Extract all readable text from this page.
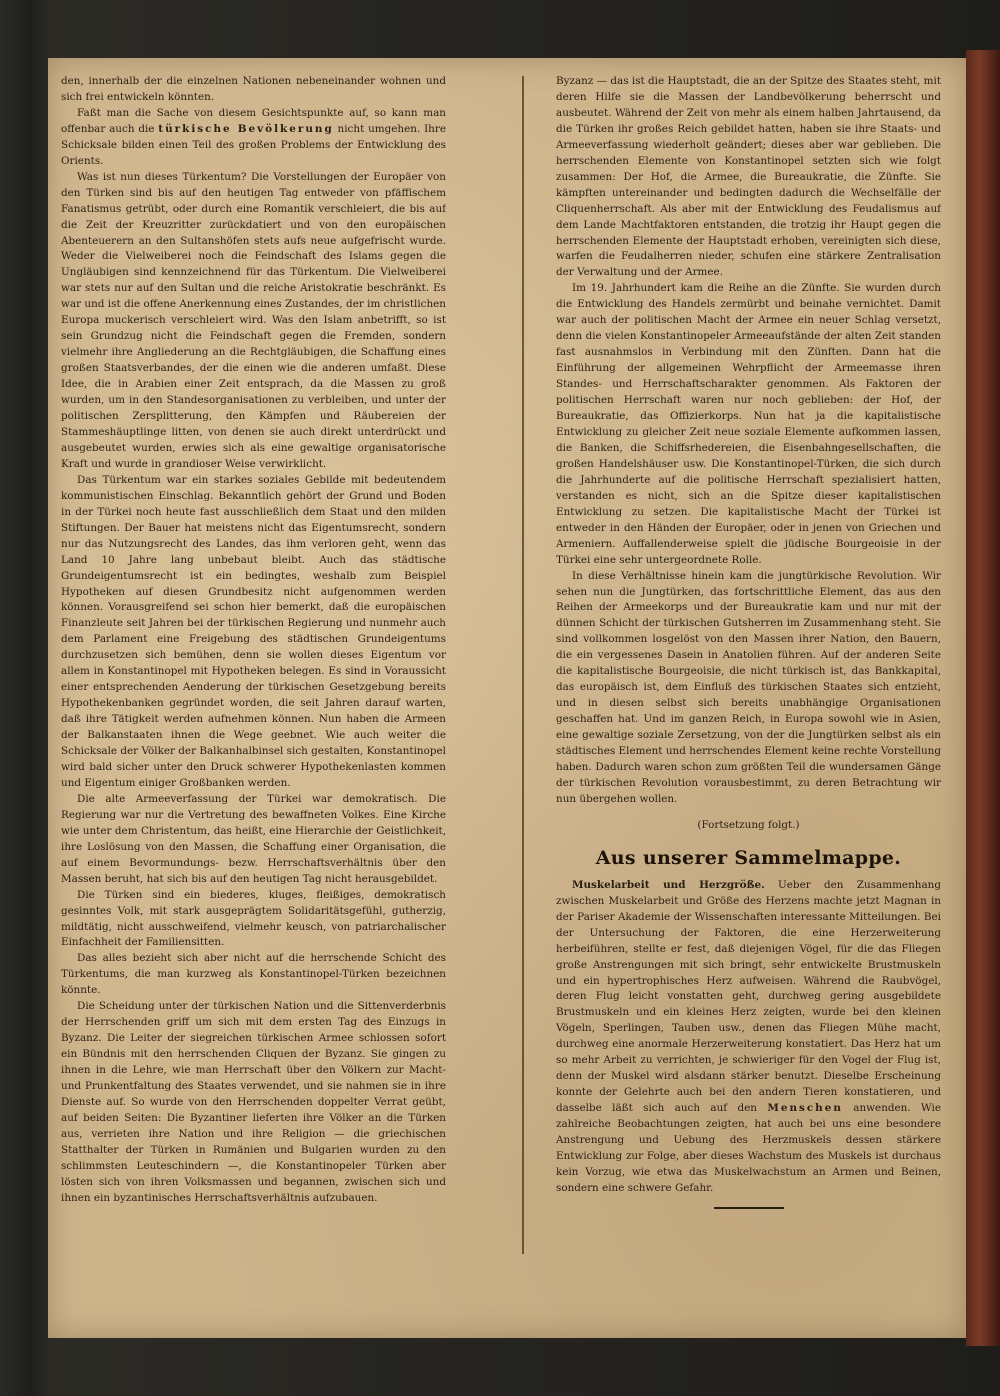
den, innerhalb der die einzelnen Nationen nebeneinander wohnen und sich frei entwickeln könnten.

Faßt man die Sache von diesem Gesichtspunkte auf, so kann man offenbar auch die türkische Bevölkerung nicht umgehen. Ihre Schicksale bilden einen Teil des großen Problems der Entwicklung des Orients.

Was ist nun dieses Türkentum? Die Vorstellungen der Europäer von den Türken sind bis auf den heutigen Tag entweder von pfäffischem Fanatismus getrübt, oder durch eine Romantik verschleiert, die bis auf die Zeit der Kreuzritter zurückdatiert und von den europäischen Abenteuerern an den Sultanshöfen stets aufs neue aufgefrischt wurde. Weder die Vielweiberei noch die Feindschaft des Islams gegen die Ungläubigen sind kennzeichnend für das Türkentum. Die Vielweiberei war stets nur auf den Sultan und die reiche Aristokratie beschränkt. Es war und ist die offene Anerkennung eines Zustandes, der im christlichen Europa muckerisch verschleiert wird. Was den Islam anbetrifft, so ist sein Grundzug nicht die Feindschaft gegen die Fremden, sondern vielmehr ihre Angliederung an die Rechtgläubigen, die Schaffung eines großen Staatsverbandes, der die einen wie die anderen umfaßt. Diese Idee, die in Arabien einer Zeit entsprach, da die Massen zu groß wurden, um in den Standesorganisationen zu verbleiben, und unter der politischen Zersplitterung, den Kämpfen und Räubereien der Stammeshäuptlinge litten, von denen sie auch direkt unterdrückt und ausgebeutet wurden, erwies sich als eine gewaltige organisatorische Kraft und wurde in grandioser Weise verwirklicht.

Das Türkentum war ein starkes soziales Gebilde mit bedeutendem kommunistischen Einschlag. Bekanntlich gehört der Grund und Boden in der Türkei noch heute fast ausschließlich dem Staat und den milden Stiftungen. Der Bauer hat meistens nicht das Eigentumsrecht, sondern nur das Nutzungsrecht des Landes, das ihm verloren geht, wenn das Land 10 Jahre lang unbebaut bleibt. Auch das städtische Grundeigentumsrecht ist ein bedingtes, weshalb zum Beispiel Hypotheken auf diesen Grundbesitz nicht aufgenommen werden können. Vorausgreifend sei schon hier bemerkt, daß die europäischen Finanzleute seit Jahren bei der türkischen Regierung und nunmehr auch dem Parlament eine Freigebung des städtischen Grundeigentums durchzusetzen sich bemühen, denn sie wollen dieses Eigentum vor allem in Konstantinopel mit Hypotheken belegen. Es sind in Voraussicht einer entsprechenden Aenderung der türkischen Gesetzgebung bereits Hypothekenbanken gegründet worden, die seit Jahren darauf warten, daß ihre Tätigkeit werden aufnehmen können. Nun haben die Armeen der Balkanstaaten ihnen die Wege geebnet. Wie auch weiter die Schicksale der Völker der Balkanhalbinsel sich gestalten, Konstantinopel wird bald sicher unter den Druck schwerer Hypothekenlasten kommen und Eigentum einiger Großbanken werden.

Die alte Armeeverfassung der Türkei war demokratisch. Die Regierung war nur die Vertretung des bewaffneten Volkes. Eine Kirche wie unter dem Christentum, das heißt, eine Hierarchie der Geistlichkeit, ihre Loslösung von den Massen, die Schaffung einer Organisation, die auf einem Bevormundungs- bezw. Herrschaftsverhältnis über den Massen beruht, hat sich bis auf den heutigen Tag nicht herausgebildet.

Die Türken sind ein biederes, kluges, fleißiges, demokratisch gesinntes Volk, mit stark ausgeprägtem Solidaritätsgefühl, gutherzig, mildtätig, nicht ausschweifend, vielmehr keusch, von patriarchalischer Einfachheit der Familiensitten.

Das alles bezieht sich aber nicht auf die herrschende Schicht des Türkentums, die man kurzweg als Konstantinopel-Türken bezeichnen könnte.

Die Scheidung unter der türkischen Nation und die Sittenverderbnis der Herrschenden griff um sich mit dem ersten Tag des Einzugs in Byzanz. Die Leiter der siegreichen türkischen Armee schlossen sofort ein Bündnis mit den herrschenden Cliquen der Byzanz. Sie gingen zu ihnen in die Lehre, wie man Herrschaft über den Völkern zur Macht- und Prunkentfaltung des Staates verwendet, und sie nahmen sie in ihre Dienste auf. So wurde von den Herrschenden doppelter Verrat geübt, auf beiden Seiten: Die Byzantiner lieferten ihre Völker an die Türken aus, verrieten ihre Nation und ihre Religion — die griechischen Statthalter der Türken in Rumänien und Bulgarien wurden zu den schlimmsten Leuteschindern —, die Konstantinopeler Türken aber lösten sich von ihren Volksmassen und begannen, zwischen sich und ihnen ein byzantinisches Herrschaftsverhältnis aufzubauen.

Byzanz — das ist die Hauptstadt, die an der Spitze des Staates steht, mit deren Hilfe sie die Massen der Landbevölkerung beherrscht und ausbeutet. Während der Zeit von mehr als einem halben Jahrtausend, da die Türken ihr großes Reich gebildet hatten, haben sie ihre Staats- und Armeeverfassung wiederholt geändert; dieses aber war geblieben. Die herrschenden Elemente von Konstantinopel setzten sich wie folgt zusammen: Der Hof, die Armee, die Bureaukratie, die Zünfte. Sie kämpften untereinander und bedingten dadurch die Wechselfälle der Cliquenherrschaft. Als aber mit der Entwicklung des Feudalismus auf dem Lande Machtfaktoren entstanden, die trotzig ihr Haupt gegen die herrschenden Elemente der Hauptstadt erhoben, vereinigten sich diese, warfen die Feudalherren nieder, schufen eine stärkere Zentralisation der Verwaltung und der Armee.

Im 19. Jahrhundert kam die Reihe an die Zünfte. Sie wurden durch die Entwicklung des Handels zermürbt und beinahe vernichtet. Damit war auch der politischen Macht der Armee ein neuer Schlag versetzt, denn die vielen Konstantinopeler Armeeaufstände der alten Zeit standen fast ausnahmslos in Verbindung mit den Zünften. Dann hat die Einführung der allgemeinen Wehrpflicht der Armeemasse ihren Standes- und Herrschaftscharakter genommen. Als Faktoren der politischen Herrschaft waren nur noch geblieben: der Hof, der Bureaukratie, das Offizierkorps. Nun hat ja die kapitalistische Entwicklung zu gleicher Zeit neue soziale Elemente aufkommen lassen, die Banken, die Schiffsrhedereien, die Eisenbahngesellschaften, die großen Handelshäuser usw. Die Konstantinopel-Türken, die sich durch die Jahrhunderte auf die politische Herrschaft spezialisiert hatten, verstanden es nicht, sich an die Spitze dieser kapitalistischen Entwicklung zu setzen. Die kapitalistische Macht der Türkei ist entweder in den Händen der Europäer, oder in jenen von Griechen und Armeniern. Auffallenderweise spielt die jüdische Bourgeoisie in der Türkei eine sehr untergeordnete Rolle.

In diese Verhältnisse hinein kam die jungtürkische Revolution. Wir sehen nun die Jungtürken, das fortschrittliche Element, das aus den Reihen der Armeekorps und der Bureaukratie kam und nur mit der dünnen Schicht der türkischen Gutsherren im Zusammenhang steht. Sie sind vollkommen losgelöst von den Massen ihrer Nation, den Bauern, die ein vergessenes Dasein in Anatolien führen. Auf der anderen Seite die kapitalistische Bourgeoisie, die nicht türkisch ist, das Bankkapital, das europäisch ist, dem Einfluß des türkischen Staates sich entzieht, und in diesen selbst sich bereits unabhängige Organisationen geschaffen hat. Und im ganzen Reich, in Europa sowohl wie in Asien, eine gewaltige soziale Zersetzung, von der die Jungtürken selbst als ein städtisches Element und herrschendes Element keine rechte Vorstellung haben. Dadurch waren schon zum größten Teil die wundersamen Gänge der türkischen Revolution vorausbestimmt, zu deren Betrachtung wir nun übergehen wollen.

(Fortsetzung folgt.)

Aus unserer Sammelmappe.

Muskelarbeit und Herzgröße. Ueber den Zusammenhang zwischen Muskelarbeit und Größe des Herzens machte jetzt Magnan in der Pariser Akademie der Wissenschaften interessante Mitteilungen. Bei der Untersuchung der Faktoren, die eine Herzerweiterung herbeiführen, stellte er fest, daß diejenigen Vögel, für die das Fliegen große Anstrengungen mit sich bringt, sehr entwickelte Brustmuskeln und ein hypertrophisches Herz aufweisen. Während die Raubvögel, deren Flug leicht vonstatten geht, durchweg gering ausgebildete Brustmuskeln und ein kleines Herz zeigten, wurde bei den kleinen Vögeln, Sperlingen, Tauben usw., denen das Fliegen Mühe macht, durchweg eine anormale Herzerweiterung konstatiert. Das Herz hat um so mehr Arbeit zu verrichten, je schwieriger für den Vogel der Flug ist, denn der Muskel wird alsdann stärker benutzt. Dieselbe Erscheinung konnte der Gelehrte auch bei den andern Tieren konstatieren, und dasselbe läßt sich auch auf den Menschen anwenden. Wie zahlreiche Beobachtungen zeigten, hat auch bei uns eine besondere Anstrengung und Uebung des Herzmuskels dessen stärkere Entwicklung zur Folge, aber dieses Wachstum des Muskels ist durchaus kein Vorzug, wie etwa das Muskelwachstum an Armen und Beinen, sondern eine schwere Gefahr.
